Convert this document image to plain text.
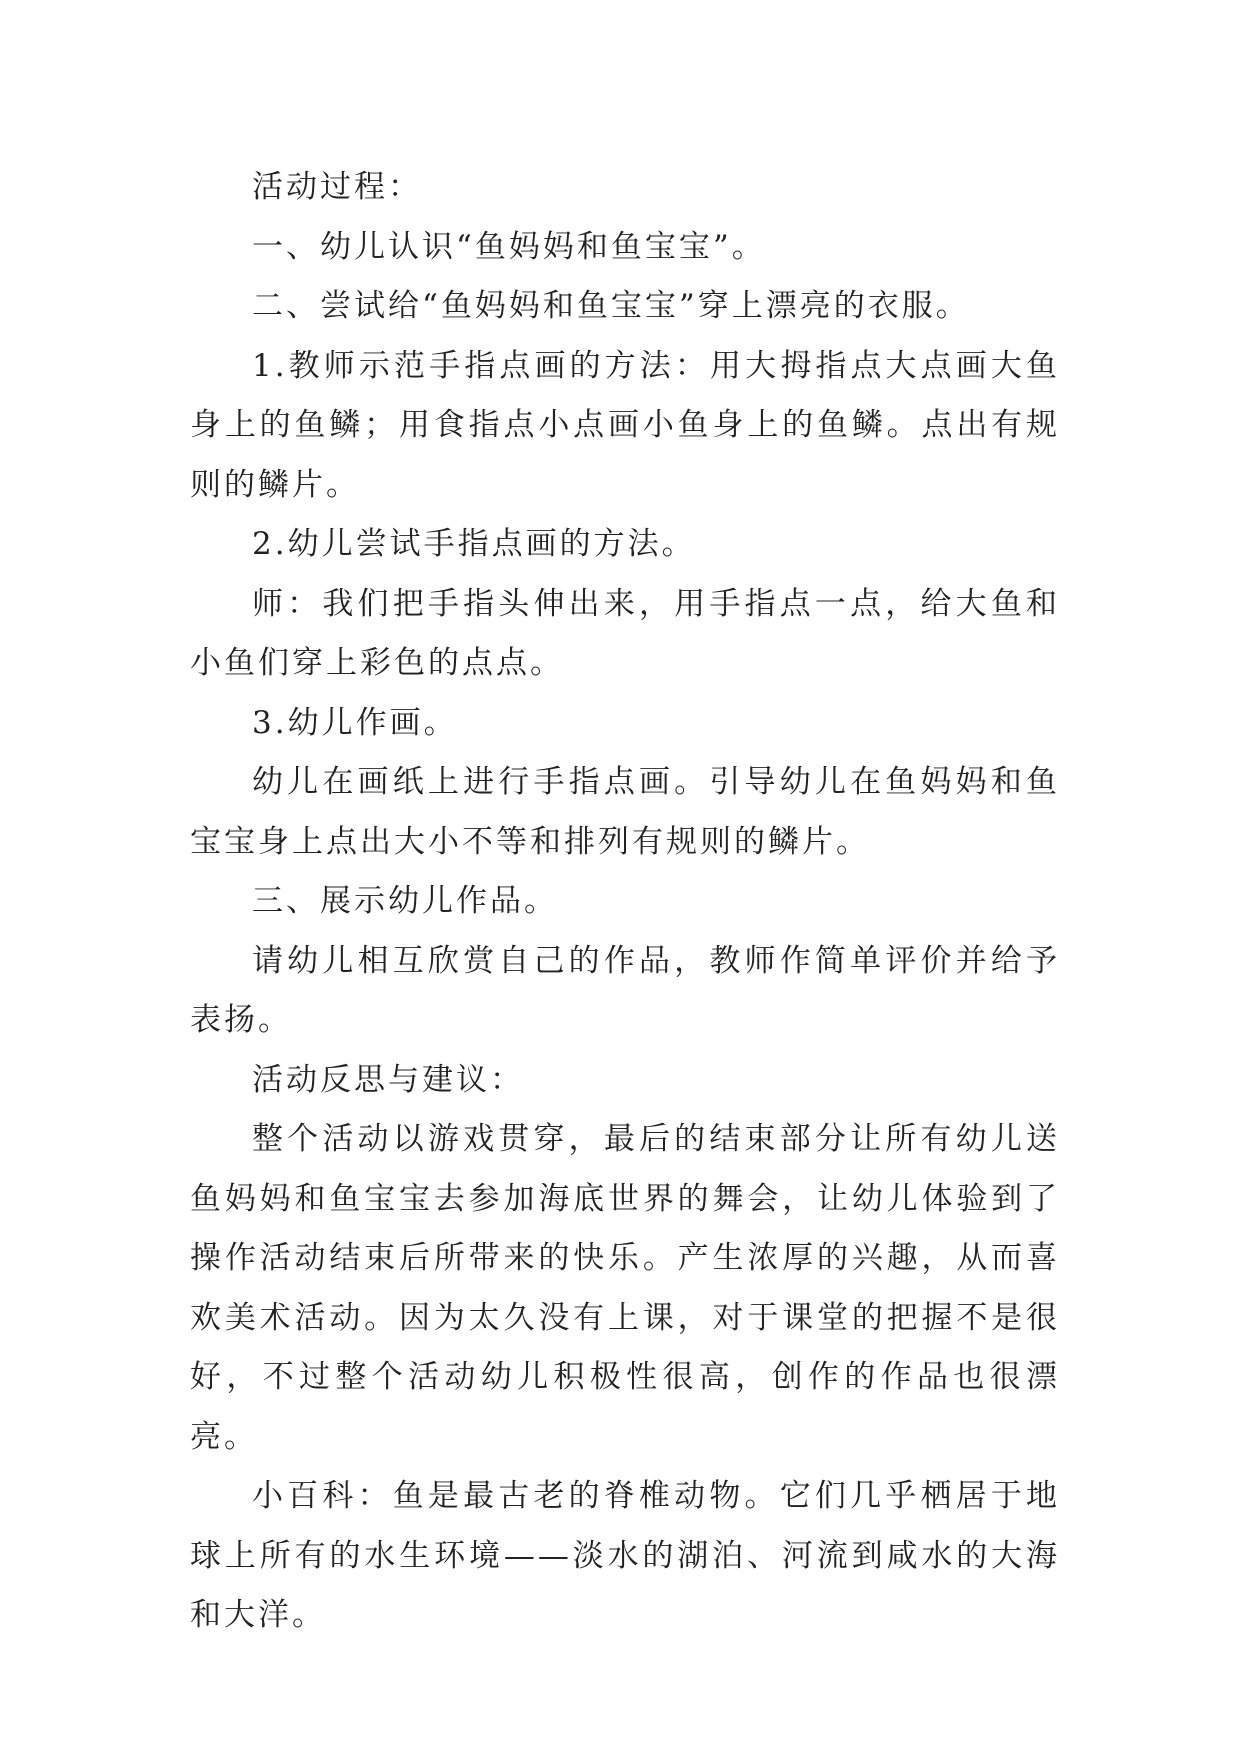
活动过程：

一、幼儿认识“鱼妈妈和鱼宝宝”。

二、尝试给“鱼妈妈和鱼宝宝”穿上漂亮的衣服。

1.教师示范手指点画的方法：用大拇指点大点画大鱼身上的鱼鳞；用食指点小点画小鱼身上的鱼鳞。点出有规则的鳞片。

2.幼儿尝试手指点画的方法。

师：我们把手指头伸出来，用手指点一点，给大鱼和小鱼们穿上彩色的点点。

3.幼儿作画。

幼儿在画纸上进行手指点画。引导幼儿在鱼妈妈和鱼宝宝身上点出大小不等和排列有规则的鳞片。

三、展示幼儿作品。

请幼儿相互欣赏自己的作品，教师作简单评价并给予表扬。

活动反思与建议：

整个活动以游戏贯穿，最后的结束部分让所有幼儿送鱼妈妈和鱼宝宝去参加海底世界的舞会，让幼儿体验到了操作活动结束后所带来的快乐。产生浓厚的兴趣，从而喜欢美术活动。因为太久没有上课，对于课堂的把握不是很好，不过整个活动幼儿积极性很高，创作的作品也很漂亮。

小百科：鱼是最古老的脊椎动物。它们几乎栖居于地球上所有的水生环境——淡水的湖泊、河流到咸水的大海和大洋。
